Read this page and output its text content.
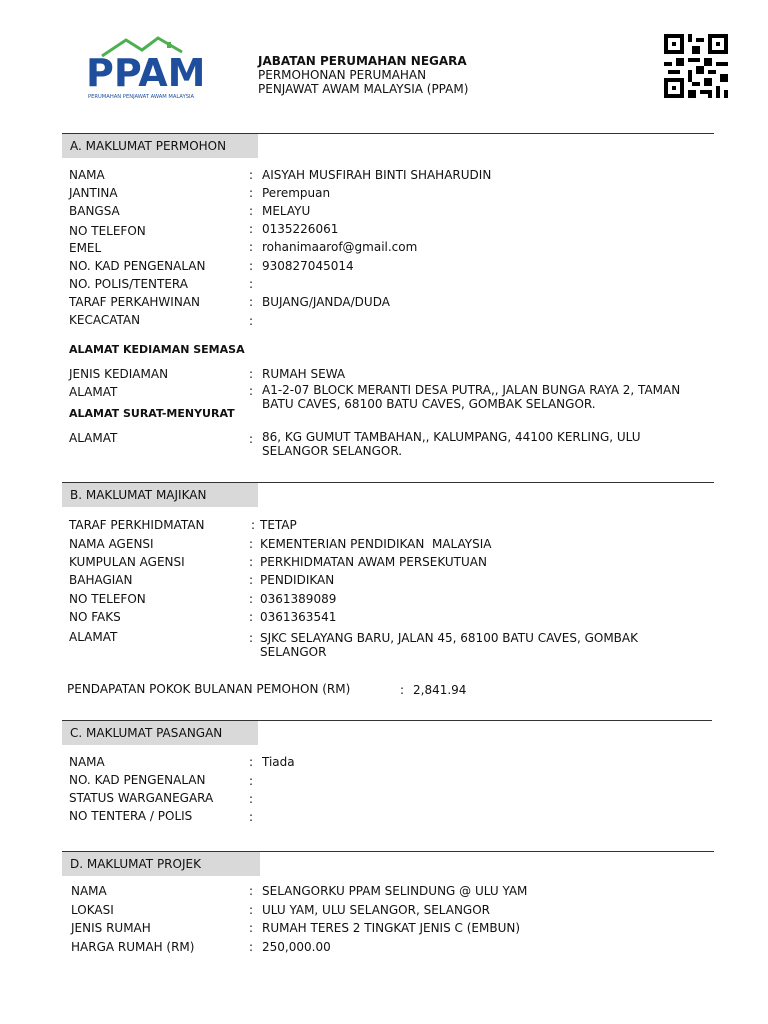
PPAM
PERUMAHAN PENJAWAT AWAM MALAYSIA
JABATAN PERUMAHAN NEGARA
PERMOHONAN PERUMAHAN
PENJAWAT AWAM MALAYSIA (PPAM)
A. MAKLUMAT PERMOHON
NAMA	: AISYAH MUSFIRAH BINTI SHAHARUDIN
JANTINA	: Perempuan
BANGSA	: MELAYU
NO TELEFON	: 0135226061
EMEL	: rohanimaarof@gmail.com
NO. KAD PENGENALAN	: 930827045014
NO. POLIS/TENTERA	:
TARAF PERKAHWINAN	: BUJANG/JANDA/DUDA
KECACATAN	:
ALAMAT KEDIAMAN SEMASA
JENIS KEDIAMAN	: RUMAH SEWA
ALAMAT	: A1-2-07 BLOCK MERANTI DESA PUTRA,, JALAN BUNGA RAYA 2, TAMAN BATU CAVES, 68100 BATU CAVES, GOMBAK SELANGOR.
ALAMAT SURAT-MENYURAT
ALAMAT	: 86, KG GUMUT TAMBAHAN,, KALUMPANG, 44100 KERLING, ULU SELANGOR SELANGOR.
B. MAKLUMAT MAJIKAN
TARAF PERKHIDMATAN	: TETAP
NAMA AGENSI	: KEMENTERIAN PENDIDIKAN  MALAYSIA
KUMPULAN AGENSI	: PERKHIDMATAN AWAM PERSEKUTUAN
BAHAGIAN	: PENDIDIKAN
NO TELEFON	: 0361389089
NO FAKS	: 0361363541
ALAMAT	: SJKC SELAYANG BARU, JALAN 45, 68100 BATU CAVES, GOMBAK SELANGOR
PENDAPATAN POKOK BULANAN PEMOHON (RM)	: 2,841.94
C. MAKLUMAT PASANGAN
NAMA	: Tiada
NO. KAD PENGENALAN	:
STATUS WARGANEGARA	:
NO TENTERA / POLIS	:
D. MAKLUMAT PROJEK
NAMA	: SELANGORKU PPAM SELINDUNG @ ULU YAM
LOKASI	: ULU YAM, ULU SELANGOR, SELANGOR
JENIS RUMAH	: RUMAH TERES 2 TINGKAT JENIS C (EMBUN)
HARGA RUMAH (RM)	: 250,000.00
